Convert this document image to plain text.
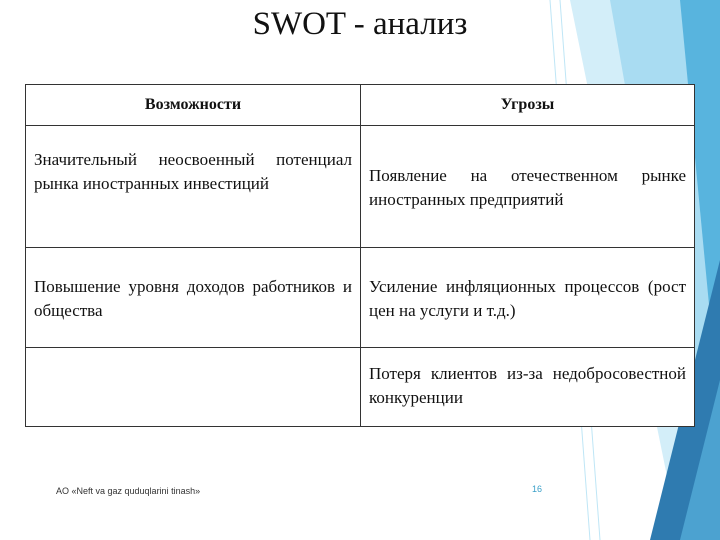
SWOT - анализ
Возможности	Угрозы

Значительный неосвоенный потенциал рынка иностранных инвестиций	Появление на отечественном рынке иностранных предприятий

Повышение уровня доходов работников и общества	Усиление инфляционных процессов (рост цен на услуги и т.д.)

	Потеря клиентов из-за недобросовестной конкуренции
AO «Neft va gaz quduqlarini tinash»	16
